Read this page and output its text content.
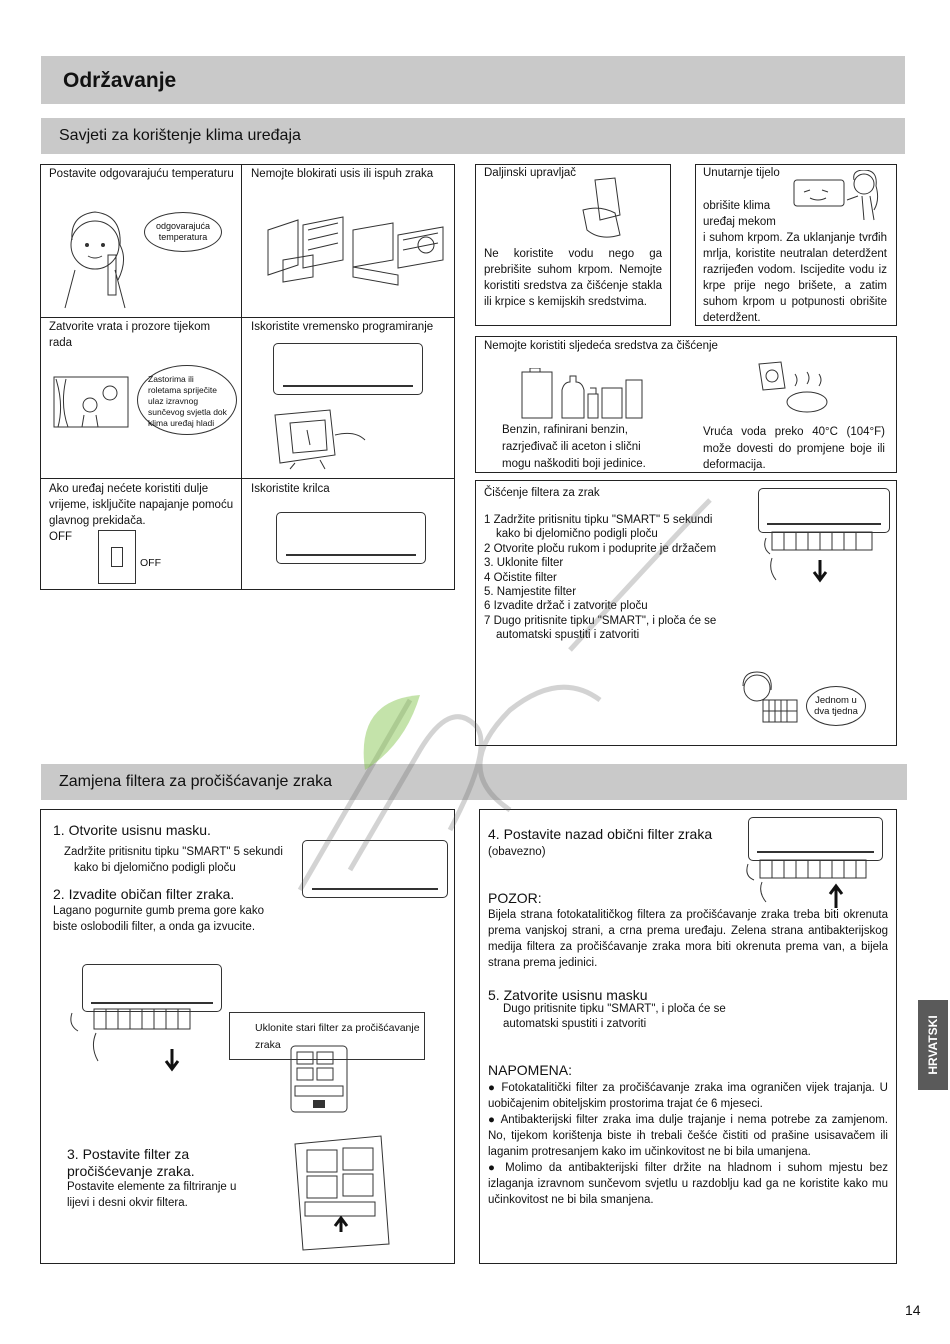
Održavanje
Savjeti za korištenje klima uređaja
Postavite odgovarajuću temperaturu
odgovarajuća temperatura
Nemojte blokirati usis ili ispuh zraka
Zatvorite vrata i prozore tijekom rada
Zastorima ili roletama spriječite ulaz izravnog sunčevog svjetla dok klima uređaj hladi
Iskoristite vremensko programiranje
Ako uređaj nećete koristiti dulje vrijeme, isključite napajanje pomoću glavnog prekidača.
OFF
OFF
Iskoristite krilca
Daljinski upravljač
Ne koristite vodu nego ga prebrišite suhom krpom. Nemojte koristiti sredstva za čišćenje stakla ili krpice s kemijskih sredstvima.
Unutarnje tijelo
obrišite klima uređaj mekom
i suhom krpom. Za uklanjanje tvrđih mrlja, koristite neutralan deterdžent razrijeđen vodom. Iscijedite vodu iz krpe prije nego brišete, a zatim suhom krpom u potpunosti obrišite deterdžent.
Nemojte koristiti sljedeća sredstva za čišćenje
Benzin, rafinirani benzin, razrjeđivač ili aceton i slični mogu naškoditi boji jedinice.
Vruća voda preko 40°C (104°F) može dovesti do promjene boje ili deformacija.
Čišćenje filtera za zrak
1 Zadržite pritisnitu tipku "SMART" 5 sekundi
kako bi djelomično podigli ploču
2 Otvorite ploču rukom i poduprite je držačem
3. Uklonite filter
4 Očistite filter
5. Namjestite filter
6 Izvadite držač i zatvorite ploču
7 Dugo pritisnite tipku "SMART", i ploča će se
automatski spustiti i zatvoriti
Jednom u dva tjedna
Zamjena filtera za pročišćavanje zraka
1. Otvorite usisnu masku.
Zadržite pritisnitu tipku "SMART" 5 sekundi
kako bi djelomično podigli ploču
2. Izvadite običan filter zraka.
Lagano pogurnite gumb prema gore kako
biste oslobodili filter, a onda ga izvucite.
Uklonite stari filter za pročišćavanje
zraka
3. Postavite filter za
pročišćevanje zraka.
Postavite elemente za filtriranje u
lijevi i desni okvir filtera.
4. Postavite nazad obični filter zraka
(obavezno)
POZOR:
Bijela strana fotokatalitičkog filtera za pročišćavanje zraka treba biti okrenuta prema vanjskoj strani, a crna prema uređaju. Zelena strana antibakterijskog medija filtera za pročišćavanje zraka mora biti okrenuta prema van, a bijela strana prema jedinici.
5. Zatvorite usisnu masku
Dugo pritisnite tipku "SMART", i ploča će se
automatski spustiti i zatvoriti
NAPOMENA:
● Fotokatalitički filter za pročišćavanje zraka ima ograničen vijek trajanja. U uobičajenim obiteljskim prostorima trajat će 6 mjeseci.
● Antibakterijski filter zraka ima dulje trajanje i nema potrebe za zamjenom. No, tijekom korištenja biste ih trebali češće čistiti od prašine usisavačem ili laganim protresanjem kako im učinkovitost ne bi bila umanjena.
● Molimo da antibakterijski filter držite na hladnom i suhom mjestu bez izlaganja izravnom sunčevom svjetlu u razdoblju kad ga ne koristite kako mu učinkovitost ne bi bila smanjena.
HRVATSKI
14
